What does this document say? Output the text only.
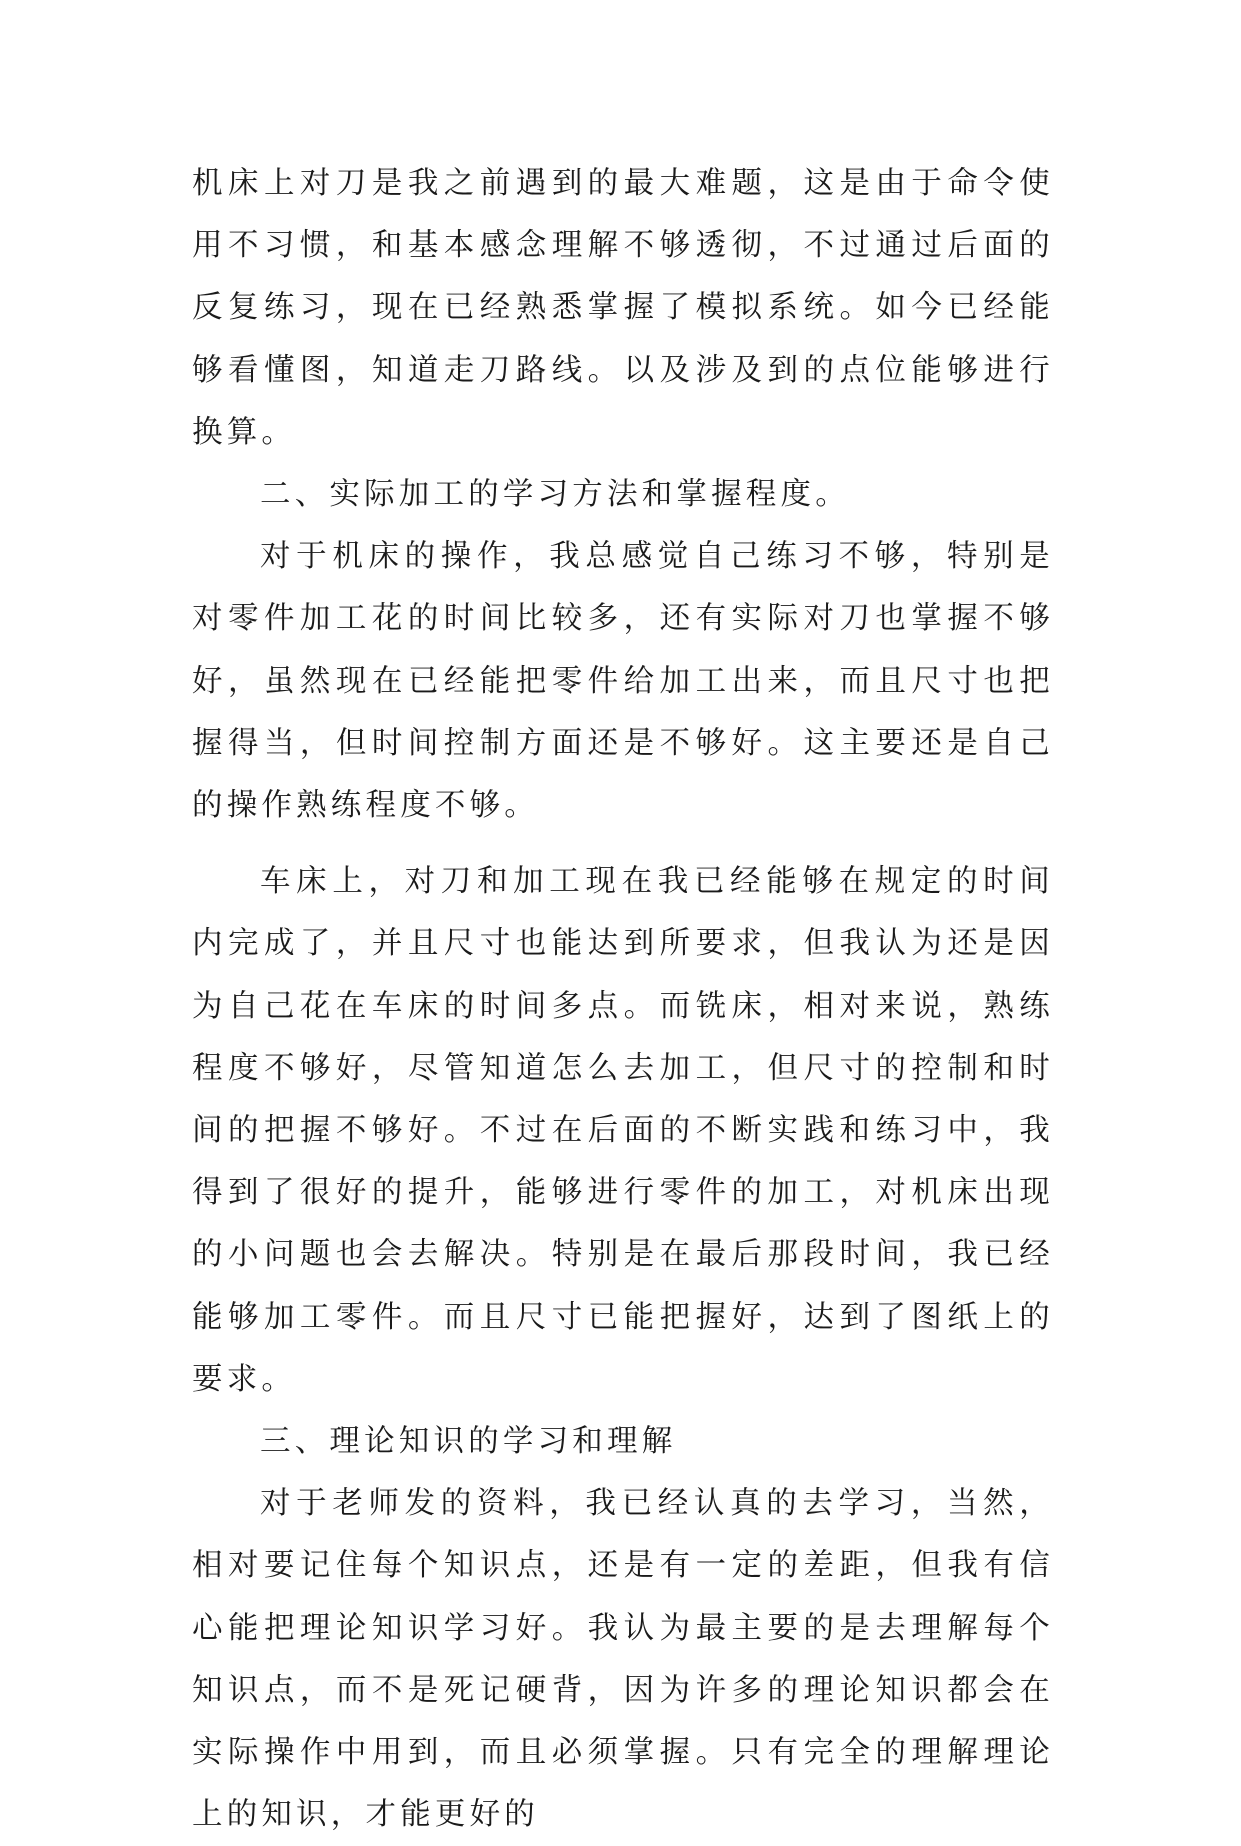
机床上对刀是我之前遇到的最大难题，这是由于命令使用不习惯，和基本感念理解不够透彻，不过通过后面的反复练习，现在已经熟悉掌握了模拟系统。如今已经能够看懂图，知道走刀路线。以及涉及到的点位能够进行换算。

二、实际加工的学习方法和掌握程度。

对于机床的操作，我总感觉自己练习不够，特别是对零件加工花的时间比较多，还有实际对刀也掌握不够好，虽然现在已经能把零件给加工出来，而且尺寸也把握得当，但时间控制方面还是不够好。这主要还是自己的操作熟练程度不够。

车床上，对刀和加工现在我已经能够在规定的时间内完成了，并且尺寸也能达到所要求，但我认为还是因为自己花在车床的时间多点。而铣床，相对来说，熟练程度不够好，尽管知道怎么去加工，但尺寸的控制和时间的把握不够好。不过在后面的不断实践和练习中，我得到了很好的提升，能够进行零件的加工，对机床出现的小问题也会去解决。特别是在最后那段时间，我已经能够加工零件。而且尺寸已能把握好，达到了图纸上的要求。

三、理论知识的学习和理解

对于老师发的资料，我已经认真的去学习，当然，相对要记住每个知识点，还是有一定的差距，但我有信心能把理论知识学习好。我认为最主要的是去理解每个知识点，而不是死记硬背，因为许多的理论知识都会在实际操作中用到，而且必须掌握。只有完全的理解理论上的知识，才能更好的
